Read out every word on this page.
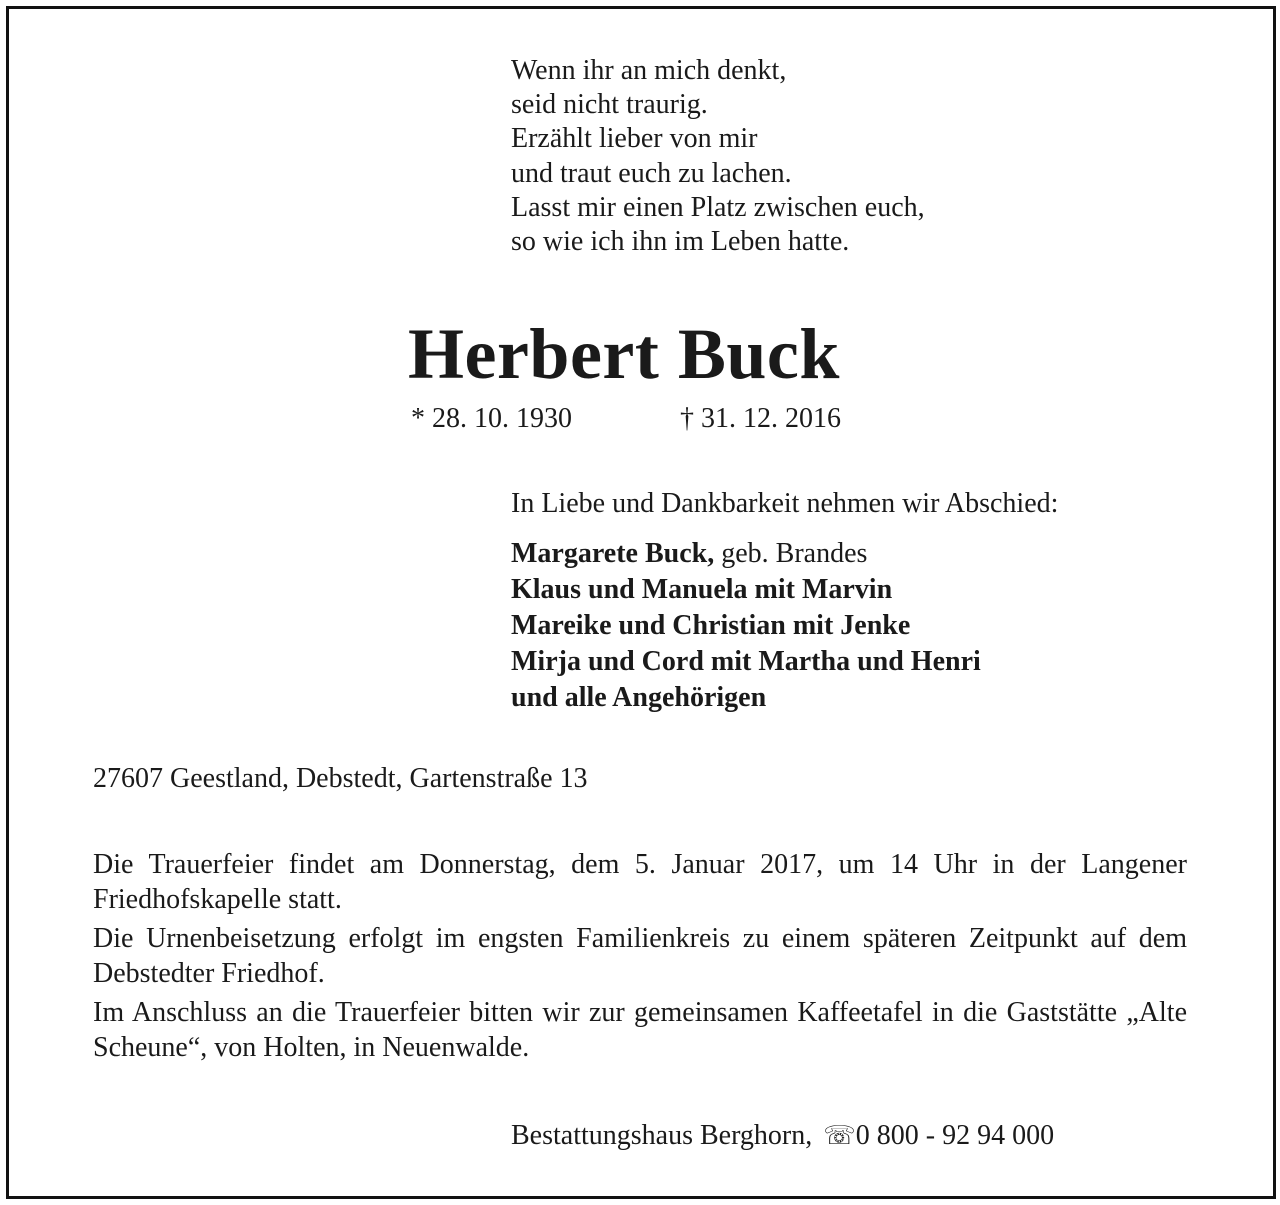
Wenn ihr an mich denkt,
seid nicht traurig.
Erzählt lieber von mir
und traut euch zu lachen.
Lasst mir einen Platz zwischen euch,
so wie ich ihn im Leben hatte.
Herbert Buck
* 28. 10. 1930	† 31. 12. 2016
In Liebe und Dankbarkeit nehmen wir Abschied:
Margarete Buck, geb. Brandes
Klaus und Manuela mit Marvin
Mareike und Christian mit Jenke
Mirja und Cord mit Martha und Henri
und alle Angehörigen
27607 Geestland, Debstedt, Gartenstraße 13

Die Trauerfeier findet am Donnerstag, dem 5. Januar 2017, um 14 Uhr in der Langener Friedhofskapelle statt.

Die Urnenbeisetzung erfolgt im engsten Familienkreis zu einem späteren Zeitpunkt auf dem Debstedter Friedhof.

Im Anschluss an die Trauerfeier bitten wir zur gemeinsamen Kaffeetafel in die Gaststätte „Alte Scheune“, von Holten, in Neuenwalde.

Bestattungshaus Berghorn, ☏0 800 - 92 94 000
